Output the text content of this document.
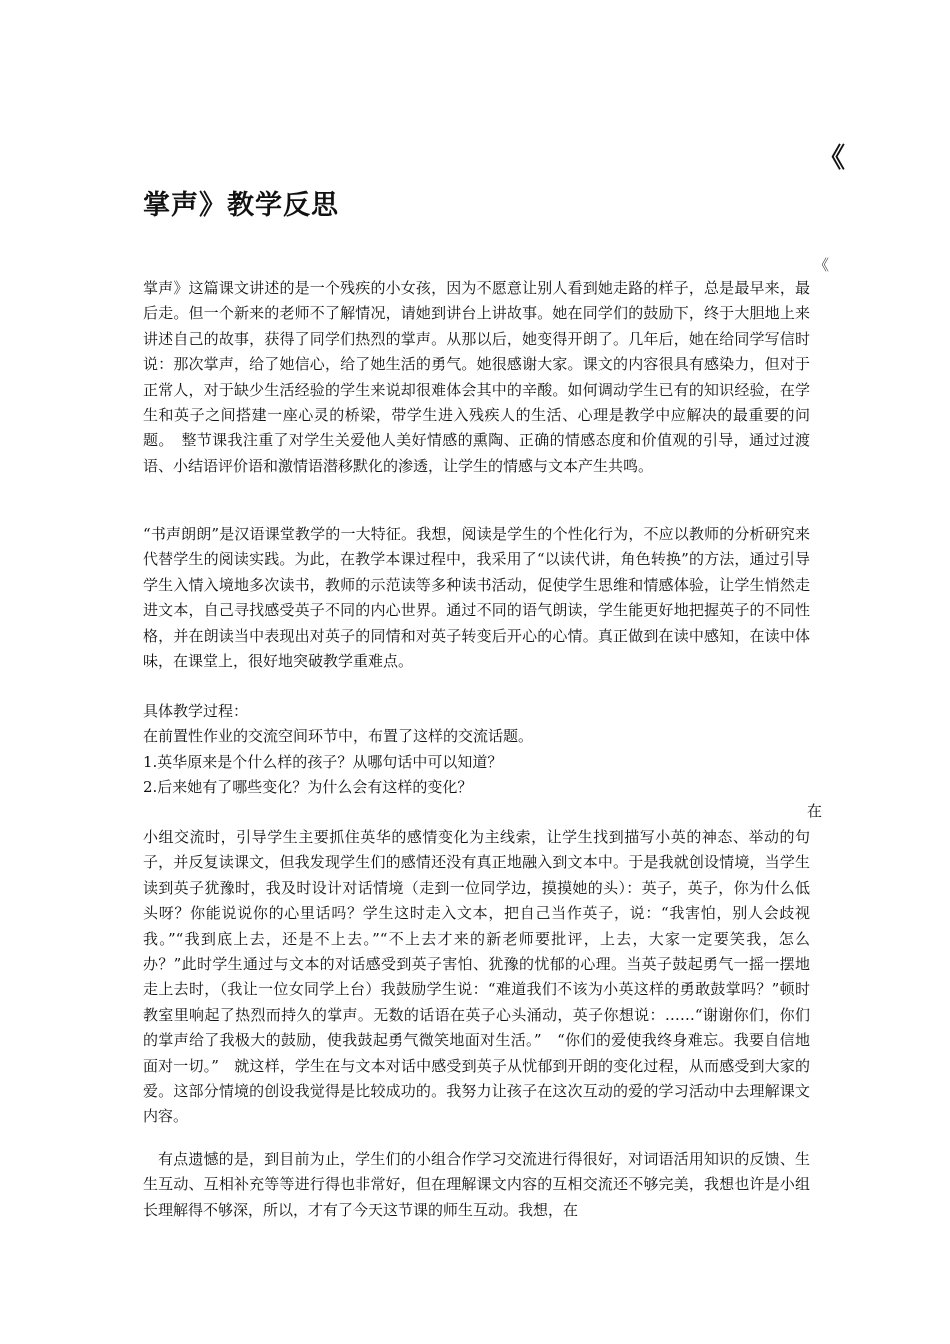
《
掌声》教学反思
《

掌声》这篇课文讲述的是一个残疾的小女孩，因为不愿意让别人看到她走路的样子，总是最早来，最后走。但一个新来的老师不了解情况，请她到讲台上讲故事。她在同学们的鼓励下，终于大胆地上来讲述自己的故事，获得了同学们热烈的掌声。从那以后，她变得开朗了。几年后，她在给同学写信时说：那次掌声，给了她信心，给了她生活的勇气。她很感谢大家。课文的内容很具有感染力，但对于正常人，对于缺少生活经验的学生来说却很难体会其中的辛酸。如何调动学生已有的知识经验，在学生和英子之间搭建一座心灵的桥梁，带学生进入残疾人的生活、心理是教学中应解决的最重要的问题。　整节课我注重了对学生关爱他人美好情感的熏陶、正确的情感态度和价值观的引导，通过过渡语、小结语评价语和激情语潜移默化的渗透，让学生的情感与文本产生共鸣。

“书声朗朗”是汉语课堂教学的一大特征。我想，阅读是学生的个性化行为，不应以教师的分析研究来代替学生的阅读实践。为此，在教学本课过程中，我采用了“以读代讲，角色转换”的方法，通过引导学生入情入境地多次读书，教师的示范读等多种读书活动，促使学生思维和情感体验，让学生悄然走进文本，自己寻找感受英子不同的内心世界。通过不同的语气朗读，学生能更好地把握英子的不同性格，并在朗读当中表现出对英子的同情和对英子转变后开心的心情。真正做到在读中感知，在读中体味，在课堂上，很好地突破教学重难点。

具体教学过程：
在前置性作业的交流空间环节中，布置了这样的交流话题。
1.英华原来是个什么样的孩子？从哪句话中可以知道？
2.后来她有了哪些变化？为什么会有这样的变化？
在

小组交流时，引导学生主要抓住英华的感情变化为主线索，让学生找到描写小英的神态、举动的句子，并反复读课文，但我发现学生们的感情还没有真正地融入到文本中。于是我就创设情境，当学生读到英子犹豫时，我及时设计对话情境（走到一位同学边，摸摸她的头）：英子，英子，你为什么低头呀？你能说说你的心里话吗？学生这时走入文本，把自己当作英子，说：“我害怕，别人会歧视我。”“我到底上去，还是不上去。”“不上去才来的新老师要批评，上去，大家一定要笑我，怎么办？”此时学生通过与文本的对话感受到英子害怕、犹豫的忧郁的心理。当英子鼓起勇气一摇一摆地走上去时，（我让一位女同学上台）我鼓励学生说：“难道我们不该为小英这样的勇敢鼓掌吗？”顿时教室里响起了热烈而持久的掌声。无数的话语在英子心头涌动，英子你想说：……“谢谢你们，你们的掌声给了我极大的鼓励，使我鼓起勇气微笑地面对生活。”　“你们的爱使我终身难忘。我要自信地面对一切。”　就这样，学生在与文本对话中感受到英子从忧郁到开朗的变化过程，从而感受到大家的爱。这部分情境的创设我觉得是比较成功的。我努力让孩子在这次互动的爱的学习活动中去理解课文内容。

有点遗憾的是，到目前为止，学生们的小组合作学习交流进行得很好，对词语活用知识的反馈、生生互动、互相补充等等进行得也非常好，但在理解课文内容的互相交流还不够完美，我想也许是小组长理解得不够深，所以，才有了今天这节课的师生互动。我想，在
